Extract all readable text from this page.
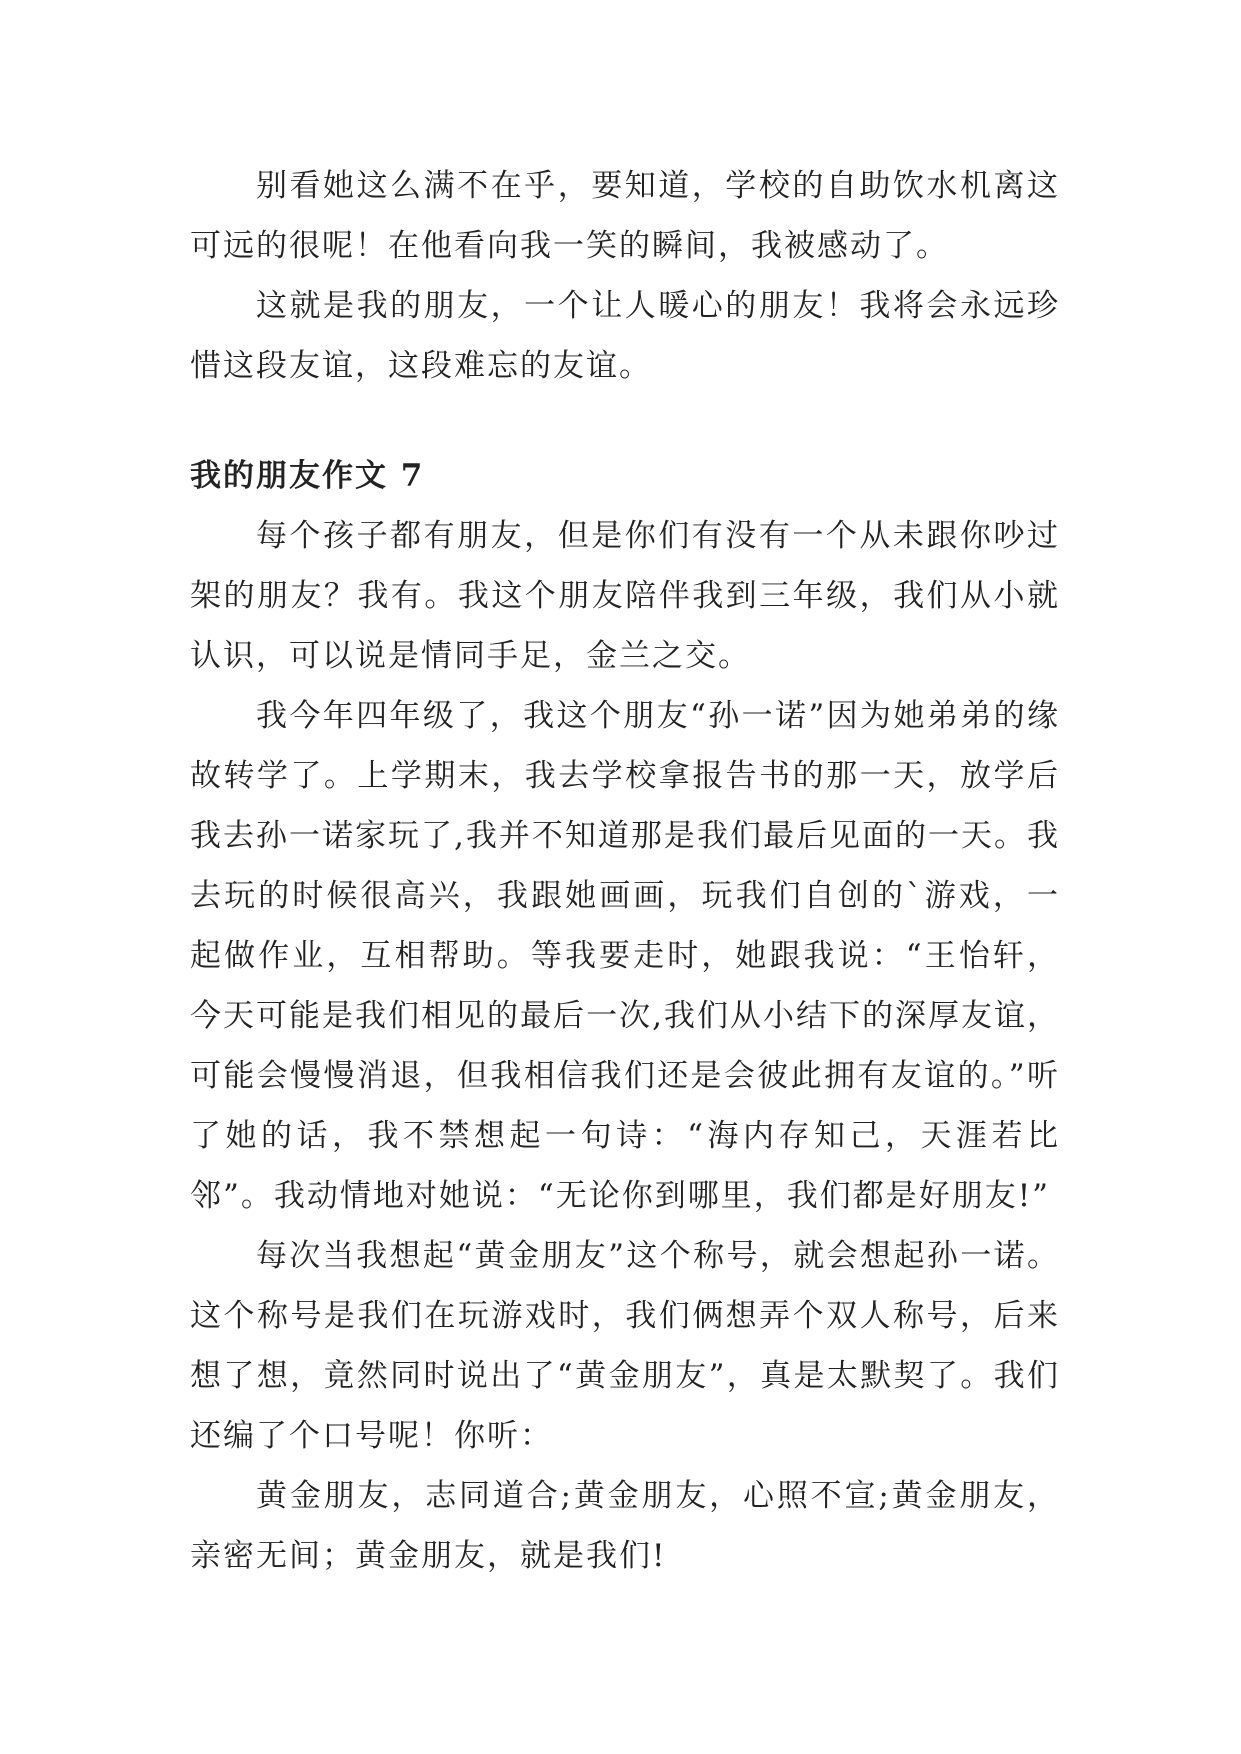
别看她这么满不在乎，要知道，学校的自助饮水机离这可远的很呢！在他看向我一笑的瞬间，我被感动了。

这就是我的朋友，一个让人暖心的朋友！我将会永远珍惜这段友谊，这段难忘的友谊。

我的朋友作文 7

每个孩子都有朋友，但是你们有没有一个从未跟你吵过架的朋友？我有。我这个朋友陪伴我到三年级，我们从小就认识，可以说是情同手足，金兰之交。

我今年四年级了，我这个朋友“孙一诺”因为她弟弟的缘故转学了。上学期末，我去学校拿报告书的那一天，放学后我去孙一诺家玩了,我并不知道那是我们最后见面的一天。我去玩的时候很高兴，我跟她画画，玩我们自创的`游戏，一起做作业，互相帮助。等我要走时，她跟我说：“王怡轩，今天可能是我们相见的最后一次,我们从小结下的深厚友谊，可能会慢慢消退，但我相信我们还是会彼此拥有友谊的。”听了她的话，我不禁想起一句诗：“海内存知己，天涯若比邻”。我动情地对她说：“无论你到哪里，我们都是好朋友!”

每次当我想起“黄金朋友”这个称号，就会想起孙一诺。这个称号是我们在玩游戏时，我们俩想弄个双人称号，后来想了想，竟然同时说出了“黄金朋友”，真是太默契了。我们还编了个口号呢！你听：

黄金朋友，志同道合;黄金朋友，心照不宣;黄金朋友，亲密无间；黄金朋友，就是我们!
